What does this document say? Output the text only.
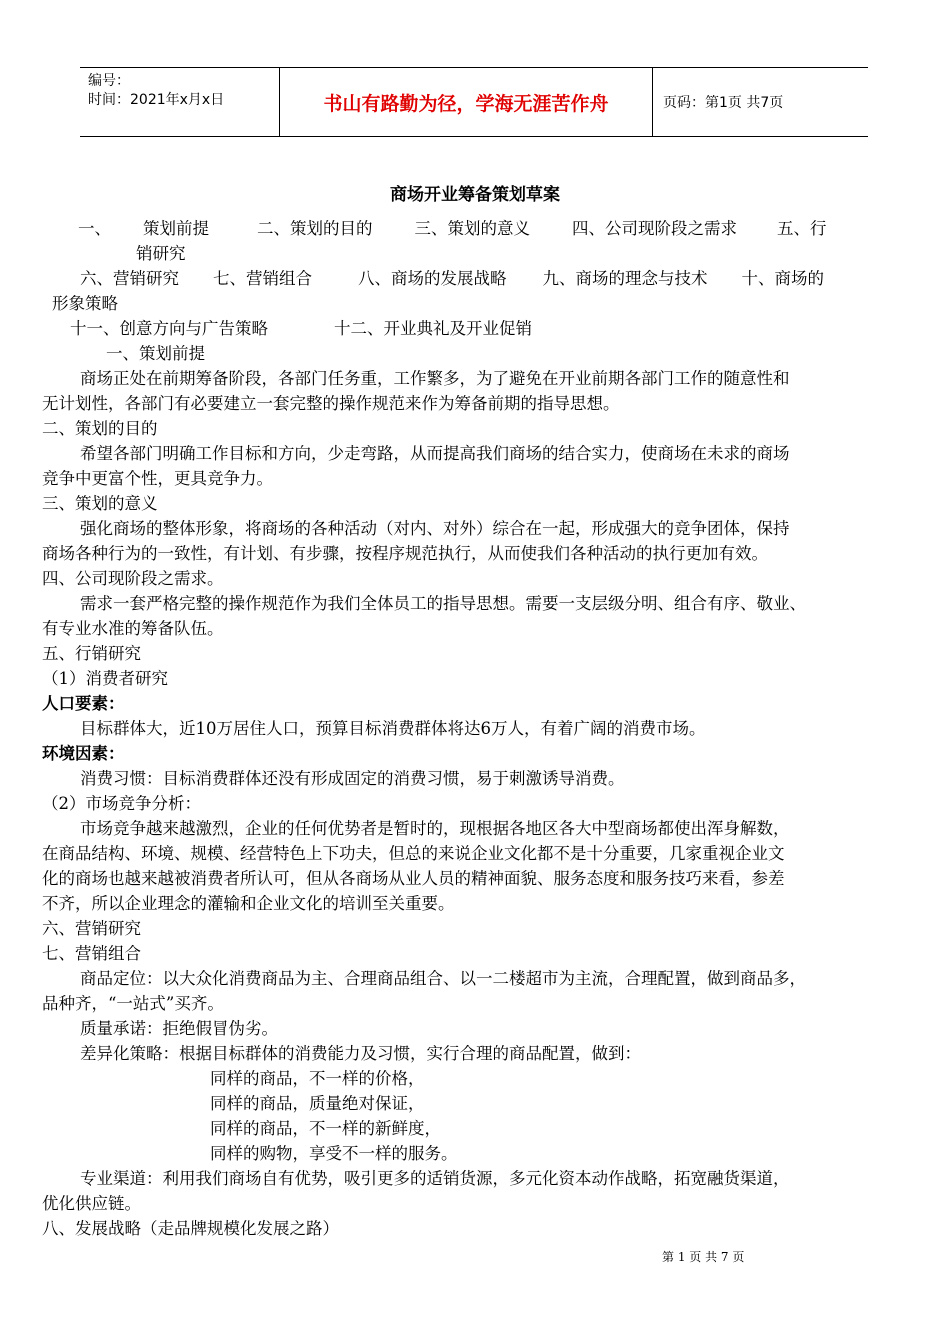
编号：
时间：2021年x月x日	书山有路勤为径，学海无涯苦作舟	页码：第1页 共7页
商场开业筹备策划草案
一、 策划前提	二、策划的目的	三、策划的意义	四、公司现阶段之需求 五、行
销研究
六、营销研究 七、营销组合	八、商场的发展战略 九、商场的理念与技术 十、商场的
形象策略
十一、创意方向与广告策略	十二、开业典礼及开业促销
一、策划前提
商场正处在前期筹备阶段，各部门任务重，工作繁多，为了避免在开业前期各部门工作的随意性和
无计划性，各部门有必要建立一套完整的操作规范来作为筹备前期的指导思想。
二、策划的目的
希望各部门明确工作目标和方向，少走弯路，从而提高我们商场的结合实力，使商场在未求的商场
竞争中更富个性，更具竞争力。
三、策划的意义
强化商场的整体形象，将商场的各种活动（对内、对外）综合在一起，形成强大的竞争团体，保持
商场各种行为的一致性，有计划、有步骤，按程序规范执行，从而使我们各种活动的执行更加有效。
四、公司现阶段之需求。
需求一套严格完整的操作规范作为我们全体员工的指导思想。需要一支层级分明、组合有序、敬业、
有专业水准的筹备队伍。
五、行销研究
（1）消费者研究
人口要素：
目标群体大，近10万居住人口，预算目标消费群体将达6万人，有着广阔的消费市场。
环境因素：
消费习惯：目标消费群体还没有形成固定的消费习惯，易于刺激诱导消费。
（2）市场竞争分析：
市场竞争越来越激烈，企业的任何优势者是暂时的，现根据各地区各大中型商场都使出浑身解数，
在商品结构、环境、规模、经营特色上下功夫，但总的来说企业文化都不是十分重要，几家重视企业文
化的商场也越来越被消费者所认可，但从各商场从业人员的精神面貌、服务态度和服务技巧来看，参差
不齐，所以企业理念的灌输和企业文化的培训至关重要。
六、营销研究
七、营销组合
商品定位：以大众化消费商品为主、合理商品组合、以一二楼超市为主流，合理配置，做到商品多，
品种齐，“一站式”买齐。
质量承诺：拒绝假冒伪劣。
差异化策略：根据目标群体的消费能力及习惯，实行合理的商品配置，做到：
同样的商品，不一样的价格，
同样的商品，质量绝对保证，
同样的商品，不一样的新鲜度，
同样的购物，享受不一样的服务。
专业渠道：利用我们商场自有优势，吸引更多的适销货源，多元化资本动作战略，拓宽融货渠道，
优化供应链。
八、发展战略（走品牌规模化发展之路）
第 1 页 共 7 页
